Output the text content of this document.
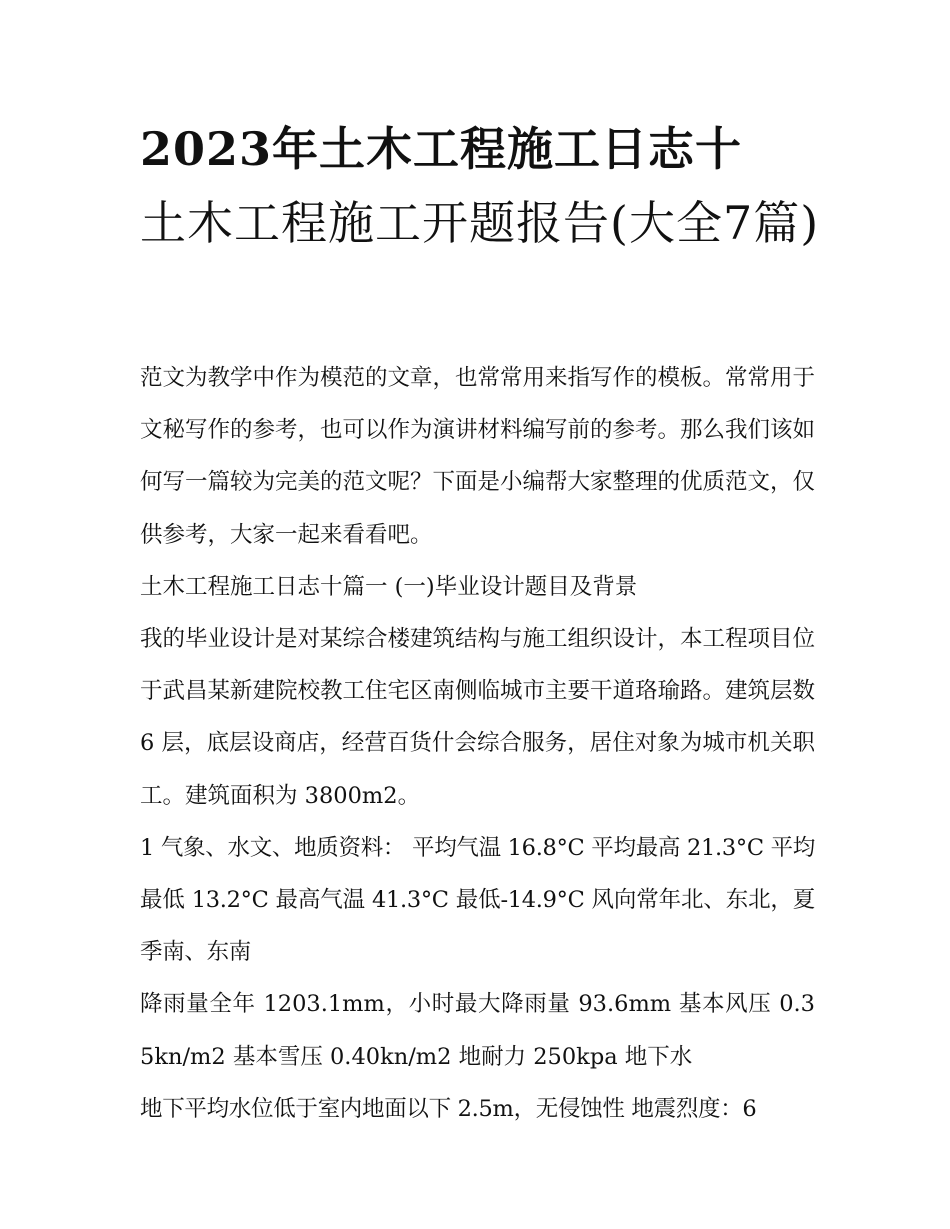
2023年土木工程施工日志十
土木工程施工开题报告(大全7篇)

范文为教学中作为模范的文章，也常常用来指写作的模板。常常用于文秘写作的参考，也可以作为演讲材料编写前的参考。那么我们该如何写一篇较为完美的范文呢？下面是小编帮大家整理的优质范文，仅供参考，大家一起来看看吧。

土木工程施工日志十篇一 (一)毕业设计题目及背景

我的毕业设计是对某综合楼建筑结构与施工组织设计，本工程项目位于武昌某新建院校教工住宅区南侧临城市主要干道珞瑜路。建筑层数 6 层，底层设商店，经营百货什会综合服务，居住对象为城市机关职工。建筑面积为 3800m2。

1 气象、水文、地质资料： 平均气温 16.8°C 平均最高 21.3°C 平均最低 13.2°C 最高气温 41.3°C 最低-14.9°C 风向常年北、东北，夏季南、东南

降雨量全年 1203.1mm，小时最大降雨量 93.6mm 基本风压 0.35kn/m2 基本雪压 0.40kn/m2 地耐力 250kpa 地下水

地下平均水位低于室内地面以下 2.5m，无侵蚀性 地震烈度：6
